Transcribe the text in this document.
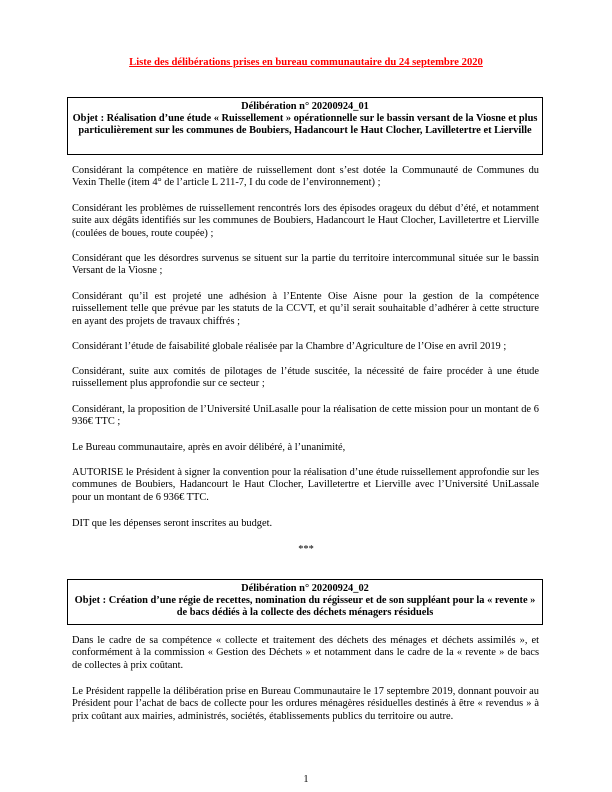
Liste des délibérations prises en bureau communautaire du 24 septembre 2020
Délibération n° 20200924_01
Objet : Réalisation d’une étude « Ruissellement » opérationnelle sur le bassin versant de la Viosne et plus particulièrement sur les communes de Boubiers, Hadancourt le Haut Clocher, Lavilletertre et Lierville

Considérant la compétence en matière de ruissellement dont s’est dotée la Communauté de Communes du Vexin Thelle (item 4° de l’article L 211-7, I du code de l’environnement) ;

Considérant les problèmes de ruissellement rencontrés lors des épisodes orageux du début d’été, et notamment suite aux dégâts identifiés sur les communes de Boubiers, Hadancourt le Haut Clocher, Lavilletertre et Lierville (coulées de boues, route coupée) ;

Considérant que les désordres survenus se situent sur la partie du territoire intercommunal située sur le bassin Versant de la Viosne ;

Considérant qu’il est projeté une adhésion à l’Entente Oise Aisne pour la gestion de la compétence ruissellement telle que prévue par les statuts de la CCVT, et qu’il serait souhaitable d’adhérer à cette structure en ayant des projets de travaux chiffrés ;

Considérant l’étude de faisabilité globale réalisée par la Chambre d’Agriculture de l’Oise en avril 2019 ;

Considérant, suite aux comités de pilotages de l’étude suscitée, la nécessité de faire procéder à une étude ruissellement plus approfondie sur ce secteur ;

Considérant, la proposition de l’Université UniLasalle pour la réalisation de cette mission pour un montant de 6 936€ TTC ;

Le Bureau communautaire, après en avoir délibéré, à l’unanimité,

AUTORISE le Président à signer la convention pour la réalisation d’une étude ruissellement approfondie sur les communes de Boubiers, Hadancourt le Haut Clocher, Lavilletertre et Lierville avec l’Université UniLassale pour un montant de 6 936€ TTC.

DIT que les dépenses seront inscrites au budget.

***
Délibération n° 20200924_02
Objet : Création d’une régie de recettes, nomination du régisseur et de son suppléant pour la « revente » de bacs dédiés à la collecte des déchets ménagers résiduels

Dans le cadre de sa compétence « collecte et traitement des déchets des ménages et déchets assimilés », et conformément à la commission « Gestion des Déchets » et notamment dans le cadre de la « revente » de bacs de collectes à prix coûtant.

Le Président rappelle la délibération prise en Bureau Communautaire le 17 septembre 2019, donnant pouvoir au Président pour l’achat de bacs de collecte pour les ordures ménagères résiduelles destinés à être « revendus » à prix coûtant aux mairies, administrés, sociétés, établissements publics du territoire ou autre.

1
